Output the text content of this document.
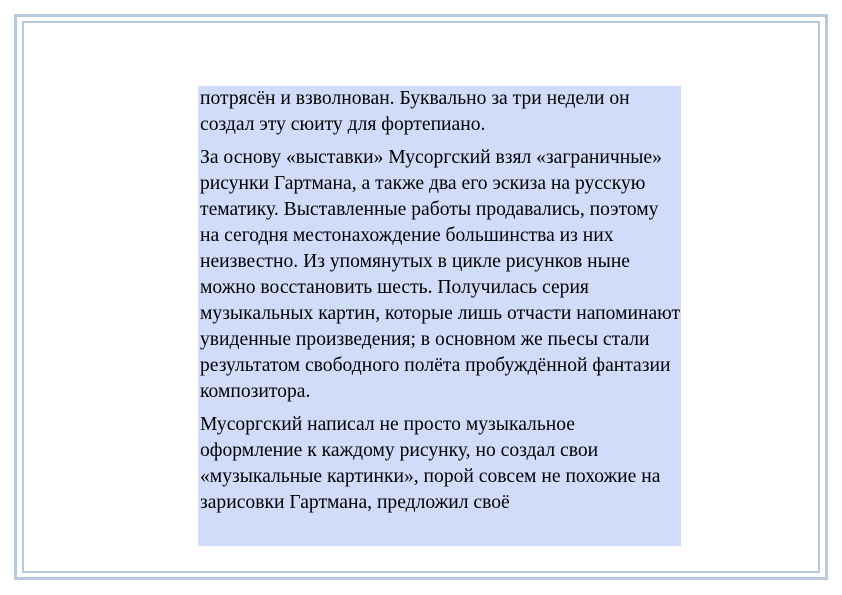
потрясён и взволнован. Буквально за три недели он создал эту сюиту для фортепиано.

За основу «выставки» Мусоргский взял «заграничные» рисунки Гартмана, а также два его эскиза на русскую тематику. Выставленные работы продавались, поэтому на сегодня местонахождение большинства из них неизвестно. Из упомянутых в цикле рисунков ныне можно восстановить шесть. Получилась серия музыкальных картин, которые лишь отчасти напоминают увиденные произведения; в основном же пьесы стали результатом свободного полёта пробуждённой фантазии композитора.

Мусоргский написал не просто музыкальное оформление к каждому рисунку, но создал свои «музыкальные картинки», порой совсем не похожие на зарисовки Гартмана, предложил своё
